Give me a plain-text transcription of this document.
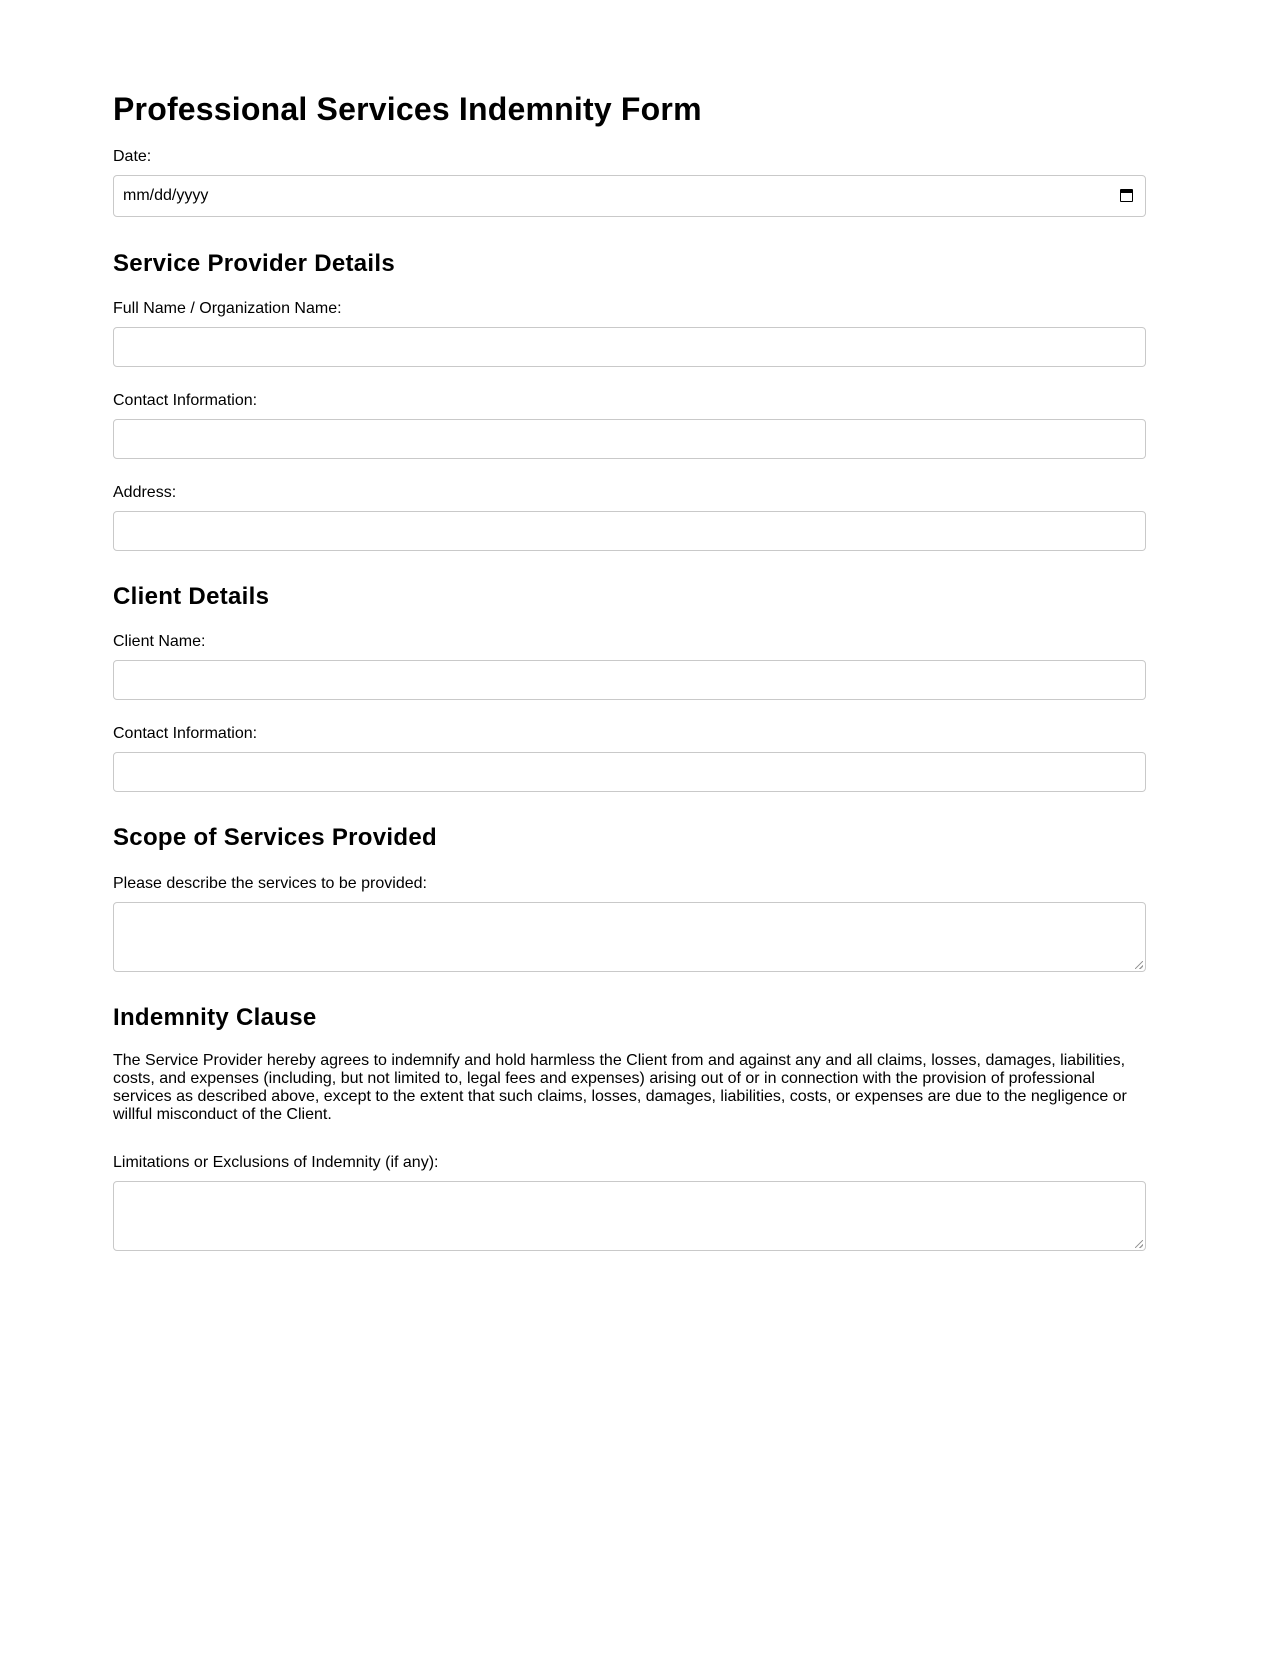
Professional Services Indemnity Form
Date:
mm/dd/yyyy
Service Provider Details
Full Name / Organization Name:
Contact Information:
Address:
Client Details
Client Name:
Contact Information:
Scope of Services Provided
Please describe the services to be provided:
Indemnity Clause

The Service Provider hereby agrees to indemnify and hold harmless the Client from and against any and all claims, losses, damages, liabilities, costs, and expenses (including, but not limited to, legal fees and expenses) arising out of or in connection with the provision of professional services as described above, except to the extent that such claims, losses, damages, liabilities, costs, or expenses are due to the negligence or willful misconduct of the Client.

Limitations or Exclusions of Indemnity (if any):
